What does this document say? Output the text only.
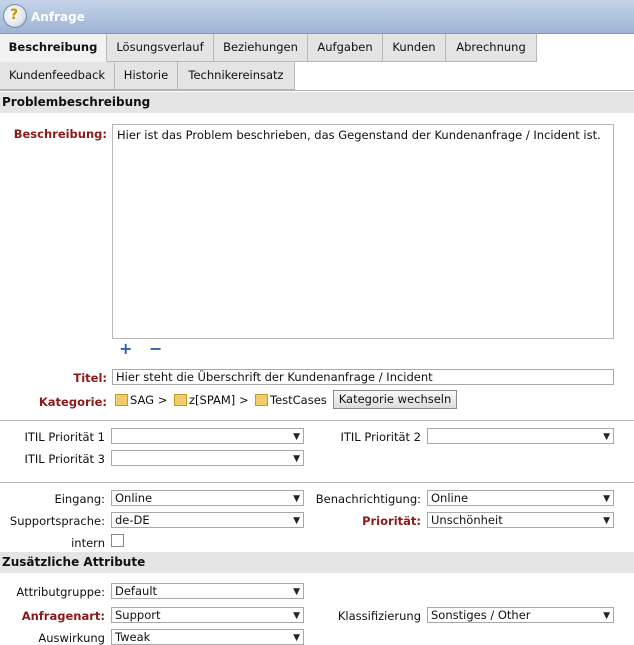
? Anfrage
Beschreibung	Lösungsverlauf	Beziehungen	Aufgaben	Kunden	Abrechnung
Kundenfeedback	Historie	Technikereinsatz
Problembeschreibung
Beschreibung: Hier ist das Problem beschrieben, das Gegenstand der Kundenanfrage / Incident ist.
+ −
Titel: Hier steht die Überschrift der Kundenanfrage / Incident
Kategorie:	SAG >	z[SPAM] >	TestCases	Kategorie wechseln
ITIL Priorität 1	▼	ITIL Priorität 2	▼
ITIL Priorität 3	▼
Eingang: Online	▼	Benachrichtigung: Online	▼
Supportsprache: de-DE	▼	Priorität: Unschönheit	▼
intern
Zusätzliche Attribute
Attributgruppe: Default	▼
Anfragenart: Support	▼	Klassifizierung Sonstiges / Other	▼
Auswirkung Tweak	▼
